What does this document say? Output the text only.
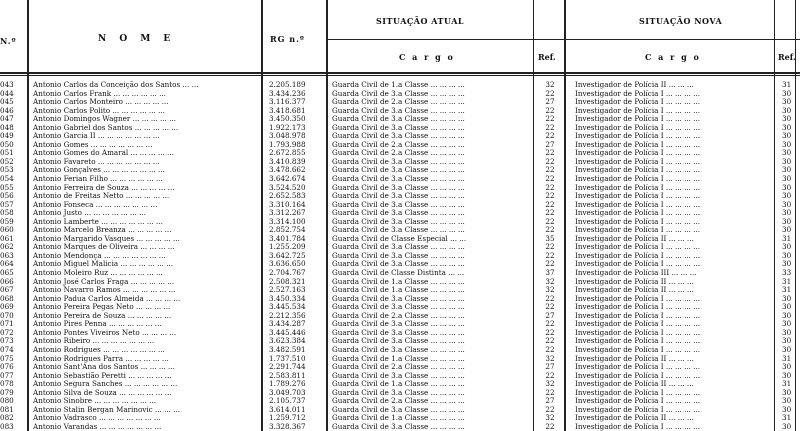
N.º	N O M E	RG n.º
SITUAÇÃO ATUAL	SITUAÇÃO NOVA
C a r g o	Ref.	C a r g o	Ref.
043	Antonio Carlos da Conceição dos Santos ... ...	2.205.189	Guarda Civil de 1.a Classe ... ... ... ...	32	Investigador de Polícia II ... ... ...	31
044	Antonio Carlos Frank ... ... ... ... ... ...	3.434.236	Guarda Civil de 3.a Classe ... ... ... ...	22	Investigador de Polícia I ... ... ... ...	30
045	Antonio Carlos Monteiro ... ... ... ... ...	3.116.377	Guarda Civil de 2.a Classe ... ... ... ...	27	Investigador de Polícia I ... ... ... ...	30
046	Antonio Carlos Polito ... ... ... ... ... ...	3.418.681	Guarda Civil de 3.a Classe ... ... ... ...	22	Investigador de Polícia I ... ... ... ...	30
047	Antonio Domingos Wagner ... ... ... ... ...	3.450.350	Guarda Civil de 3.a Classe ... ... ... ...	22	Investigador de Polícia I ... ... ... ...	30
048	Antonio Gabriel dos Santos ... ... ... ... ...	1.922.173	Guarda Civil de 3.a Classe ... ... ... ...	22	Investigador de Polícia I ... ... ... ...	30
049	Antonio Garcia II ... ... ... ... ... ... ...	3.048.978	Guarda Civil de 3.a Classe ... ... ... ...	22	Investigador de Polícia I ... ... ... ...	30
050	Antonio Gomes ... ... ... ... ... ... ...	1.793.988	Guarda Civil de 2.a Classe ... ... ... ...	27	Investigador de Polícia I ... ... ... ...	30
051	Antonio Gomes do Amaral ... ... ... ... ...	2.672.855	Guarda Civil de 2.a Classe ... ... ... ...	22	Investigador de Polícia I ... ... ... ...	30
052	Antonio Favareto ... ... ... ... ... ... ...	3.410.839	Guarda Civil de 3.a Classe ... ... ... ...	22	Investigador de Polícia I ... ... ... ...	30
053	Antonio Gonçalves ... ... ... ... ... ... ...	3.478.662	Guarda Civil de 3.a Classe ... ... ... ...	22	Investigador de Polícia I ... ... ... ...	30
054	Antonio Ferian Filho ... ... ... ... ... ...	3.642.674	Guarda Civil de 3.a Classe ... ... ... ...	22	Investigador de Polícia I ... ... ... ...	30
055	Antonio Ferreira de Souza ... ... ... ... ...	3.524.520	Guarda Civil de 3.a Classe ... ... ... ...	22	Investigador de Polícia I ... ... ... ...	30
056	Antonio de Freitas Netto ... ... ... ... ...	2.652.583	Guarda Civil de 3.a Classe ... ... ... ...	22	Investigador de Polícia I ... ... ... ...	30
057	Antonio Fonseca ... ... ... ... ... ... ...	3.310.164	Guarda Civil de 3.a Classe ... ... ... ...	22	Investigador de Polícia I ... ... ... ...	30
058	Antonio Justo ... ... ... ... ... ... ...	3.312.267	Guarda Civil de 3.a Classe ... ... ... ...	22	Investigador de Polícia I ... ... ... ...	30
059	Antonio Lamberte ... ... ... ... ... ... ...	3.314.100	Guarda Civil de 3.a Classe ... ... ... ...	22	Investigador de Polícia I ... ... ... ...	30
060	Antonio Marcelo Breanza ... ... ... ... ...	2.852.754	Guarda Civil de 3.a Classe ... ... ... ...	22	Investigador de Polícia I ... ... ... ...	30
061	Antonio Margarido Vasques ... ... ... ... ...	3.401.784	Guarda Civil de Classe Especial ... ...	35	Investigador de Polícia II ... ... ...	31
062	Antonio Marques de Oliveira ... ... ... ...	1.255.209	Guarda Civil de 3.a Classe ... ... ... ...	22	Investigador de Polícia I ... ... ... ...	30
063	Antonio Mendonça ... ... ... ... ... ... ...	3.642.725	Guarda Civil de 3.a Classe ... ... ... ...	22	Investigador de Polícia I ... ... ... ...	30
064	Antonio Miguel Malicia ... ... ... ... ... ...	3.636.650	Guarda Civil de 3.a Classe ... ... ... ...	22	Investigador de Polícia I ... ... ... ...	30
065	Antonio Moleiro Ruz ... ... ... ... ... ...	2.704.767	Guarda Civil de Classe Distinta ... ...	37	Investigador de Polícia III ... ... ...	33
066	Antonio José Carlos Fraga ... ... ... ... ...	2.508.321	Guarda Civil de 1.a Classe ... ... ... ...	32	Investigador de Polícia II ... ... ...	31
067	Antonio Navarro Ramos ... ... ... ... ... ...	2.527.163	Guarda Civil de 1.a Classe ... ... ... ...	32	Investigador de Polícia II ... ... ...	31
068	Antonio Padua Carlos Almeida ... ... ... ...	3.450.334	Guarda Civil de 3.a Classe ... ... ... ...	22	Investigador de Polícia I ... ... ... ...	30
069	Antonio Pereira Pegas Neto ... ... ... ...	3.445.534	Guarda Civil de 3.a Classe ... ... ... ...	22	Investigador de Polícia I ... ... ... ...	30
070	Antonio Pereira de Souza ... ... ... ... ...	2.212.356	Guarda Civil de 2.a Classe ... ... ... ...	27	Investigador de Polícia I ... ... ... ...	30
071	Antonio Pires Penna ... ... ... ... ... ...	3.434.287	Guarda Civil de 3.a Classe ... ... ... ...	22	Investigador de Polícia I ... ... ... ...	30
072	Antonio Pontes Viveiros Neto ... ... ... ...	3.445.446	Guarda Civil de 3.a Classe ... ... ... ...	22	Investigador de Polícia I ... ... ... ...	30
073	Antonio Ribeiro ... ... ... ... ... ... ...	3.623.384	Guarda Civil de 3.a Classe ... ... ... ...	22	Investigador de Polícia I ... ... ... ...	30
074	Antonio Rodrigues ... ... ... ... ... ... ...	3.482.591	Guarda Civil de 3.a Classe ... ... ... ...	22	Investigador de Polícia I ... ... ... ...	30
075	Antonio Rodrigues Parra ... ... ... ... ...	1.737.510	Guarda Civil de 1.a Classe ... ... ... ...	32	Investigador de Polícia II ... ... ...	31
076	Antonio Sant'Ana dos Santos ... ... ... ...	2.291.744	Guarda Civil de 2.a Classe ... ... ... ...	27	Investigador de Polícia I ... ... ... ...	30
077	Antonio Sebastião Peretti ... ... ... ... ...	2.583.811	Guarda Civil de 3.a Classe ... ... ... ...	22	Investigador de Polícia I ... ... ... ...	30
078	Antonio Segura Sanches ... ... ... ... ... ...	1.789.276	Guarda Civil de 1.a Classe ... ... ... ...	32	Investigador de Polícia II ... ... ...	31
079	Antonio Silva de Souza ... ... ... ... ... ...	3.049.703	Guarda Civil de 3.a Classe ... ... ... ...	22	Investigador de Polícia I ... ... ... ...	30
080	Antonio Sinobre ... ... ... ... ... ... ...	2.105.737	Guarda Civil de 2.a Classe ... ... ... ...	27	Investigador de Polícia I ... ... ... ...	30
081	Antonio Stalin Bergan Marinovic ... ... ...	3.614.011	Guarda Civil de 3.a Classe ... ... ... ...	22	Investigador de Polícia I ... ... ... ...	30
082	Antonio Vadrasco ... ... ... ... ... ... ...	1.259.712	Guarda Civil de 1.a Classe ... ... ... ...	32	Investigador de Polícia II ... ... ...	31
083	Antonio Varandas ... ... ... ... ... ... ...	3.328.367	Guarda Civil de 3.a Classe ... ... ... ...	22	Investigador de Polícia I ... ... ... ...	30
